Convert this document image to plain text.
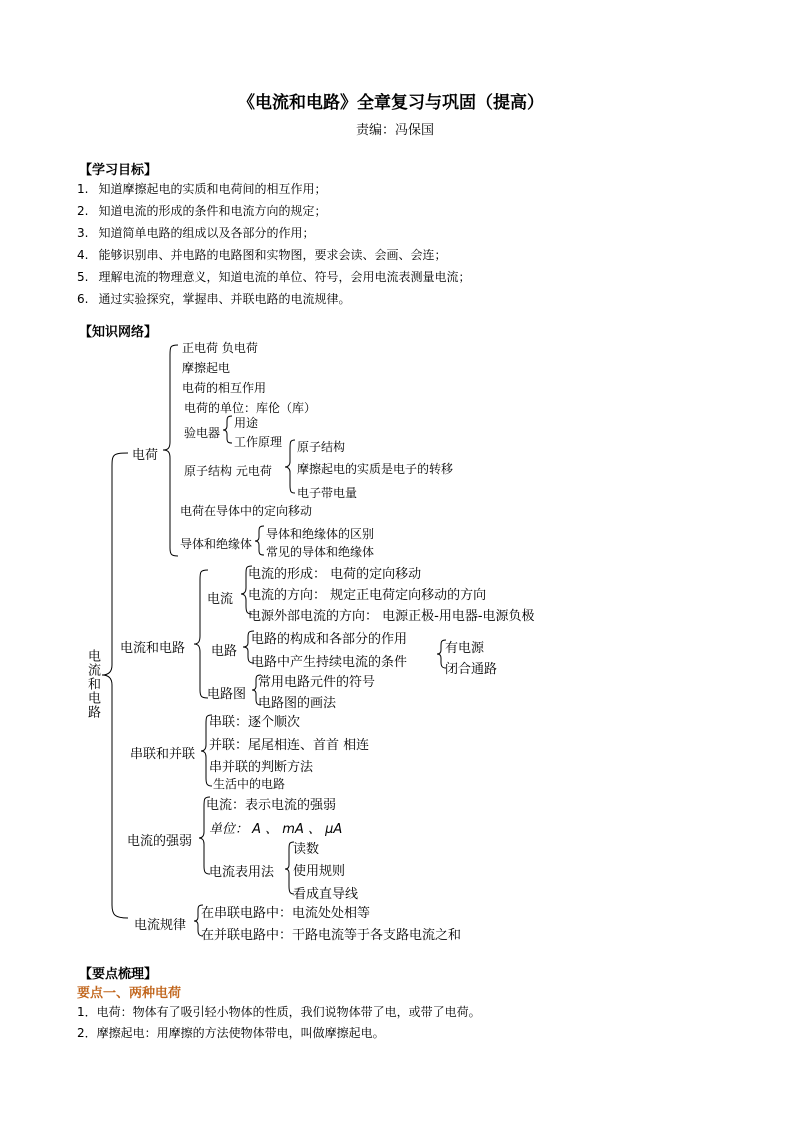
《电流和电路》全章复习与巩固（提高）
责编：冯保国
【学习目标】
1. 知道摩擦起电的实质和电荷间的相互作用；
2. 知道电流的形成的条件和电流方向的规定；
3. 知道简单电路的组成以及各部分的作用；
4. 能够识别串、并电路的电路图和实物图，要求会读、会画、会连；
5. 理解电流的物理意义，知道电流的单位、符号，会用电流表测量电流；
6. 通过实验探究，掌握串、并联电路的电流规律。
【知识网络】
电流和电路
电荷
正电荷 负电荷
摩擦起电
电荷的相互作用
电荷的单位：库伦（库）
验电器
用途
工作原理
原子结构 元电荷
原子结构
摩擦起电的实质是电子的转移
电子带电量
电荷在导体中的定向移动
导体和绝缘体
导体和绝缘体的区别
常见的导体和绝缘体
电流和电路
电流
电流的形成： 电荷的定向移动
电流的方向： 规定正电荷定向移动的方向
电源外部电流的方向： 电源正极-用电器-电源负极
电路
电路的构成和各部分的作用
电路中产生持续电流的条件
有电源
闭合通路
电路图
常用电路元件的符号
电路图的画法
串联和并联
串联：逐个顺次
并联：尾尾相连、首首 相连
串并联的判断方法
生活中的电路
电流的强弱
电流：表示电流的强弱
单位： A 、 mA 、 μA
电流表用法
读数
使用规则
看成直导线
电流规律
在串联电路中：电流处处相等
在并联电路中：干路电流等于各支路电流之和
【要点梳理】
要点一、两种电荷
1．电荷：物体有了吸引轻小物体的性质，我们说物体带了电，或带了电荷。
2．摩擦起电：用摩擦的方法使物体带电，叫做摩擦起电。
